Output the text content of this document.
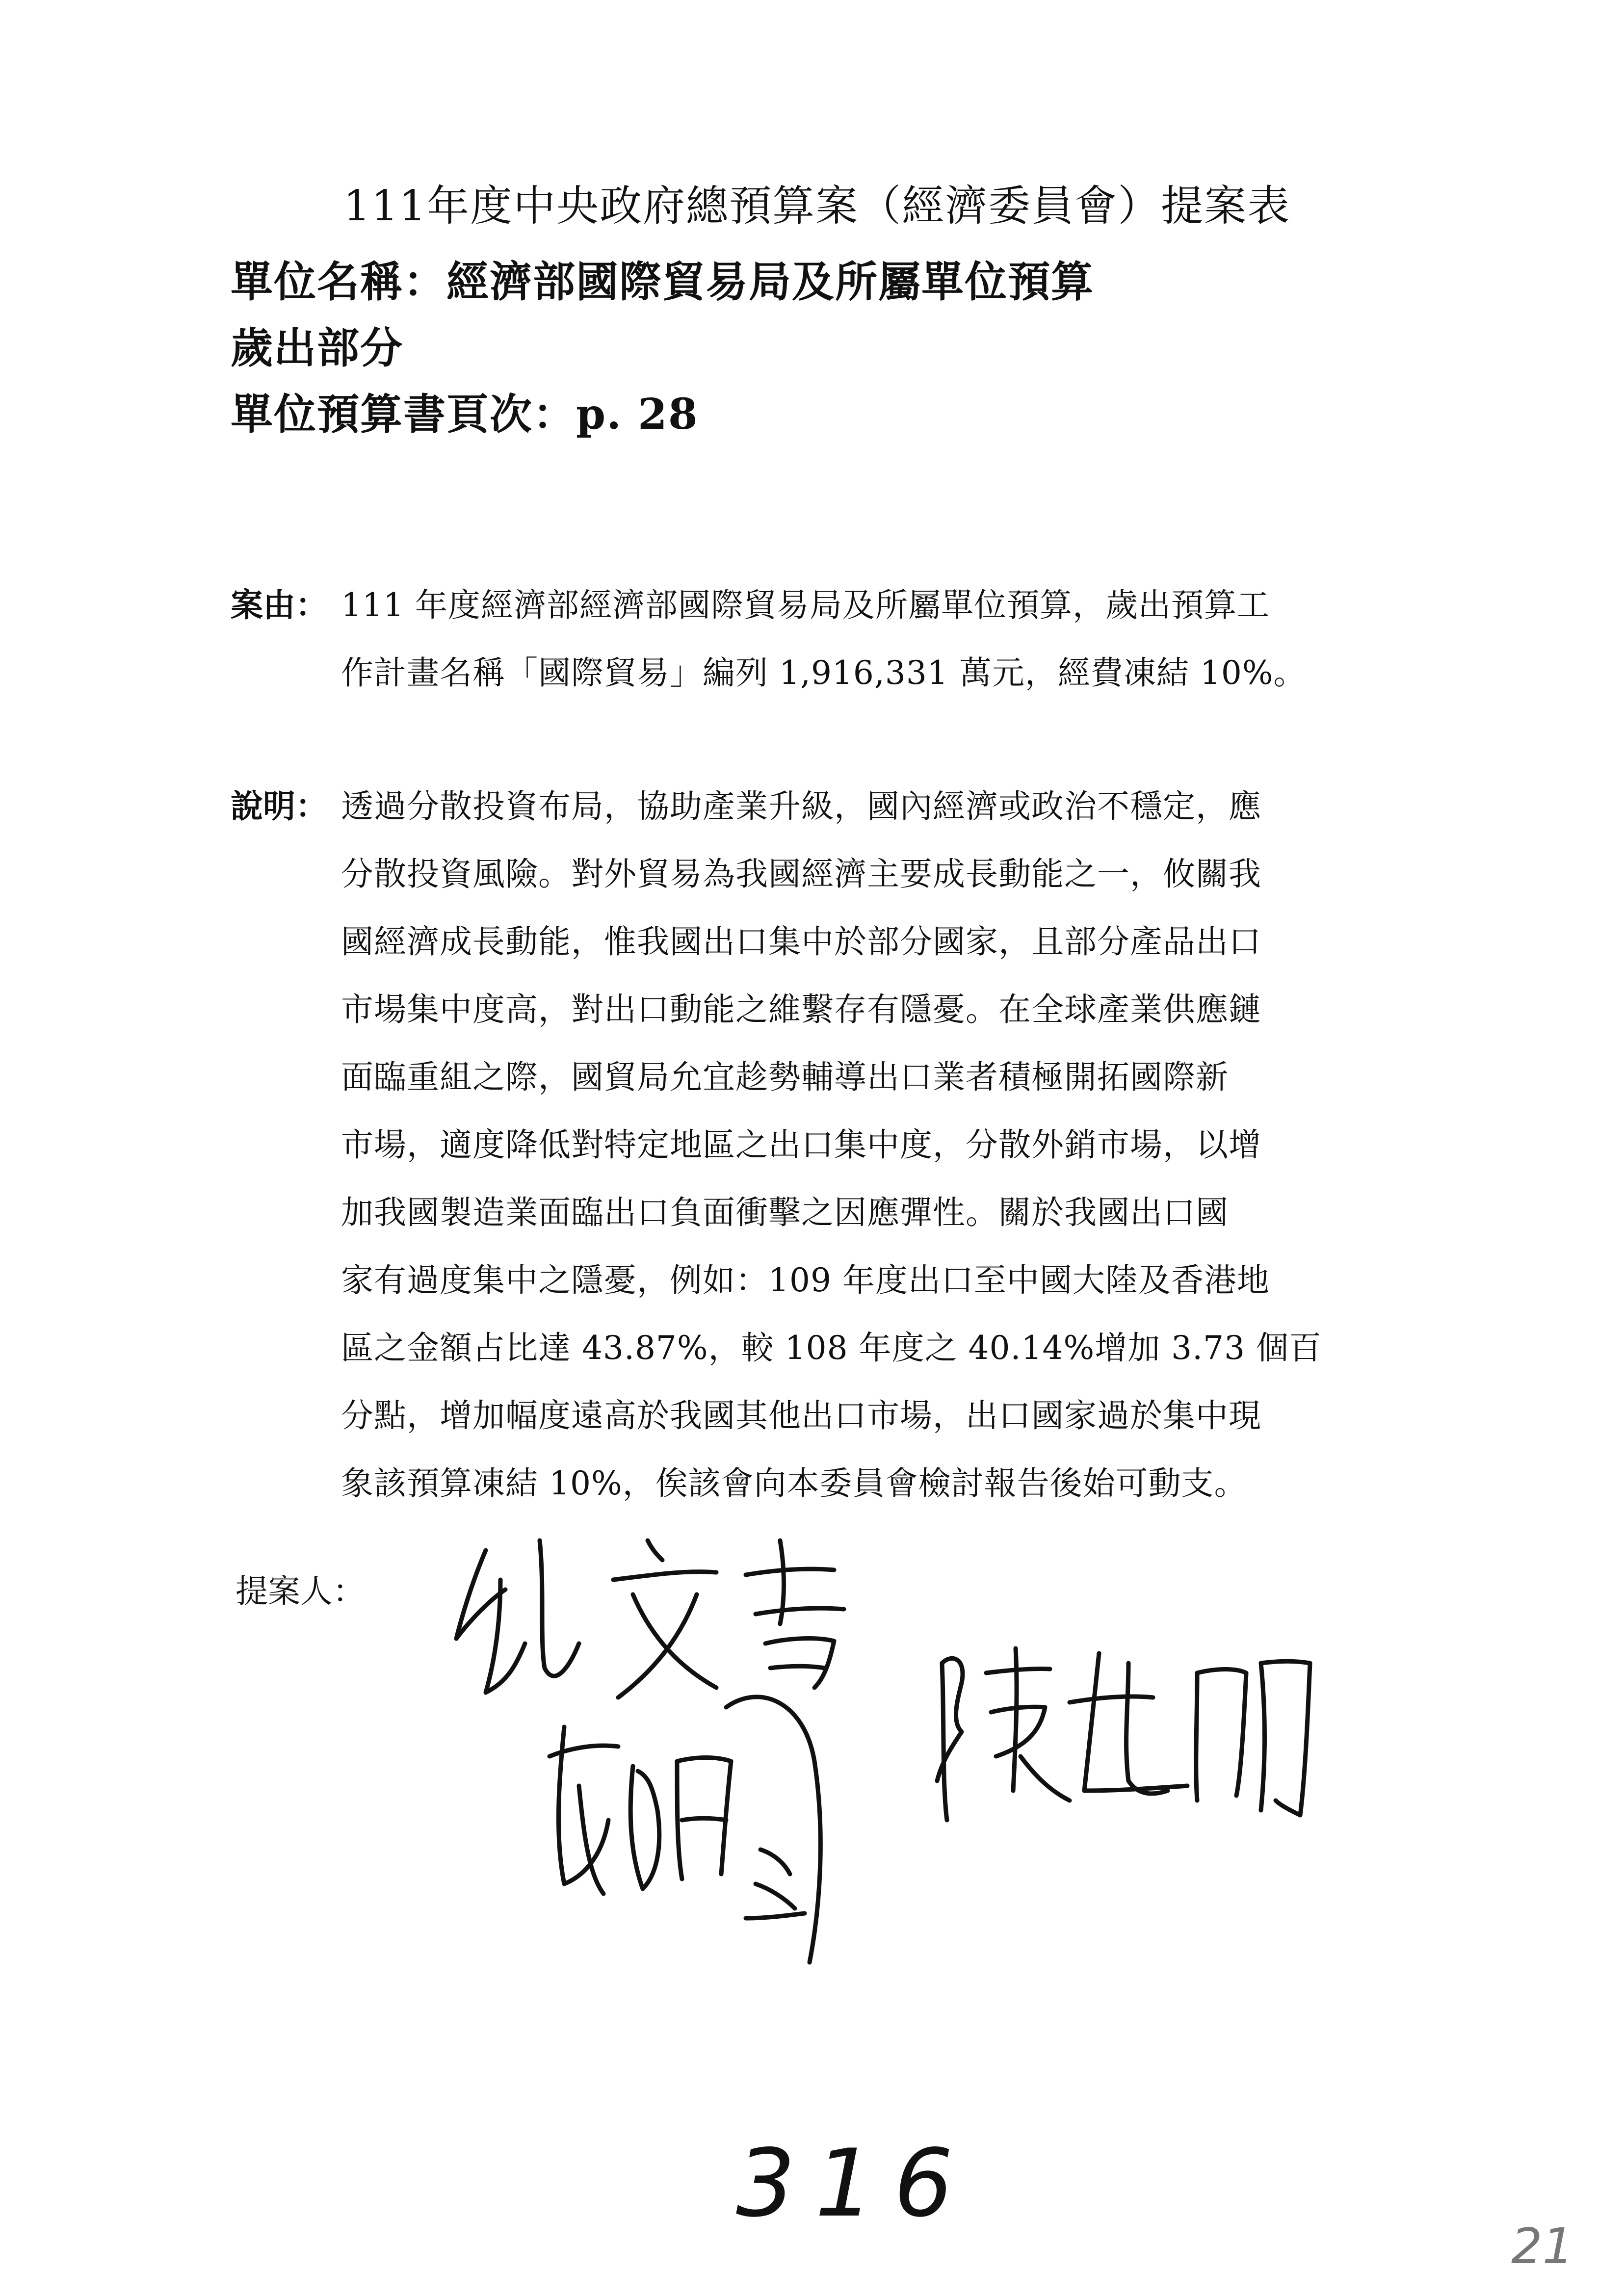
111年度中央政府總預算案（經濟委員會）提案表
單位名稱：經濟部國際貿易局及所屬單位預算
歲出部分
單位預算書頁次：p. 28
案由： 111 年度經濟部經濟部國際貿易局及所屬單位預算，歲出預算工
作計畫名稱「國際貿易」編列 1,916,331 萬元，經費凍結 10%。
說明： 透過分散投資布局，協助產業升級，國內經濟或政治不穩定，應
分散投資風險。對外貿易為我國經濟主要成長動能之一，攸關我
國經濟成長動能，惟我國出口集中於部分國家，且部分產品出口
市場集中度高，對出口動能之維繫存有隱憂。在全球產業供應鏈
面臨重組之際，國貿局允宜趁勢輔導出口業者積極開拓國際新
市場，適度降低對特定地區之出口集中度，分散外銷市場，以增
加我國製造業面臨出口負面衝擊之因應彈性。關於我國出口國
家有過度集中之隱憂，例如：109 年度出口至中國大陸及香港地
區之金額占比達 43.87%，較 108 年度之 40.14%增加 3.73 個百
分點，增加幅度遠高於我國其他出口市場，出口國家過於集中現
象該預算凍結 10%，俟該會向本委員會檢討報告後始可動支。
提案人：
316
21
